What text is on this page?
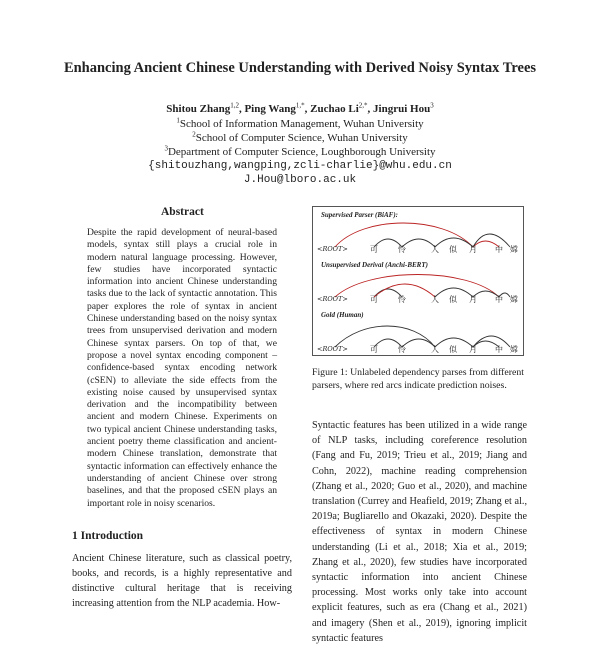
Enhancing Ancient Chinese Understanding with Derived Noisy Syntax Trees
Shitou Zhang$^{1,2}$, Ping Wang$^{1,*}$, Zuchao $Li^{2,*}$, Jingrui Hou$^3$
$^1$School of Information Management, Wuhan University
$^2$School of Computer Science, Wuhan University
$^3$Department of Computer Science, Loughborough University
{shitouzhang,wangping,zcli-charlie}@whu.edu.cn
J.Hou@lboro.ac.uk
Abstract
Despite the rapid development of neural-based models, syntax still plays a crucial role in modern natural language processing. However, few studies have incorporated syntactic information into ancient Chinese understanding tasks due to the lack of syntactic annotation. This paper explores the role of syntax in ancient Chinese understanding based on the noisy syntax trees from unsupervised derivation and modern Chinese syntax parsers. On top of that, we propose a novel syntax encoding component – confidence-based syntax encoding network (cSEN) to alleviate the side effects from the existing noise caused by unsupervised syntax derivation and the incompatibility between ancient and modern Chinese. Experiments on two typical ancient Chinese understanding tasks, ancient poetry theme classification and ancient-modern Chinese translation, demonstrate that syntactic information can effectively enhance the understanding of ancient Chinese over strong baselines, and that the proposed cSEN plays an important role in noisy scenarios.
1 Introduction
Ancient Chinese literature, such as classical poetry, books, and records, is a highly representative and distinctive cultural heritage that is receiving increasing attention from the NLP academia. How-
Supervised Parser (BiAF):
Unsupervised Derival (Anchi-BERT)
Gold (Human)
<ROOT>
<ROOT>
<ROOT>
可	怜	人 似 月 中 嫦
可	怜	人 似 月 中 嫦
可	怜	人 似 月 中 嫦
Figure 1: Unlabeled dependency parses from different parsers, where red arcs indicate prediction noises.
Syntactic features has been utilized in a wide range of NLP tasks, including coreference resolution (Fang and Fu, 2019; Trieu et al., 2019; Jiang and Cohn, 2022), machine reading comprehension (Zhang et al., 2020; Guo et al., 2020), and machine translation (Currey and Heafield, 2019; Zhang et al., 2019a; Bugliarello and Okazaki, 2020). Despite the effectiveness of syntax in modern Chinese understanding (Li et al., 2018; Xia et al., 2019; Zhang et al., 2020), few studies have incorporated syntactic information into ancient Chinese processing. Most works only take into account explicit features, such as era (Chang et al., 2021) and imagery (Shen et al., 2019), ignoring implicit syntactic features
